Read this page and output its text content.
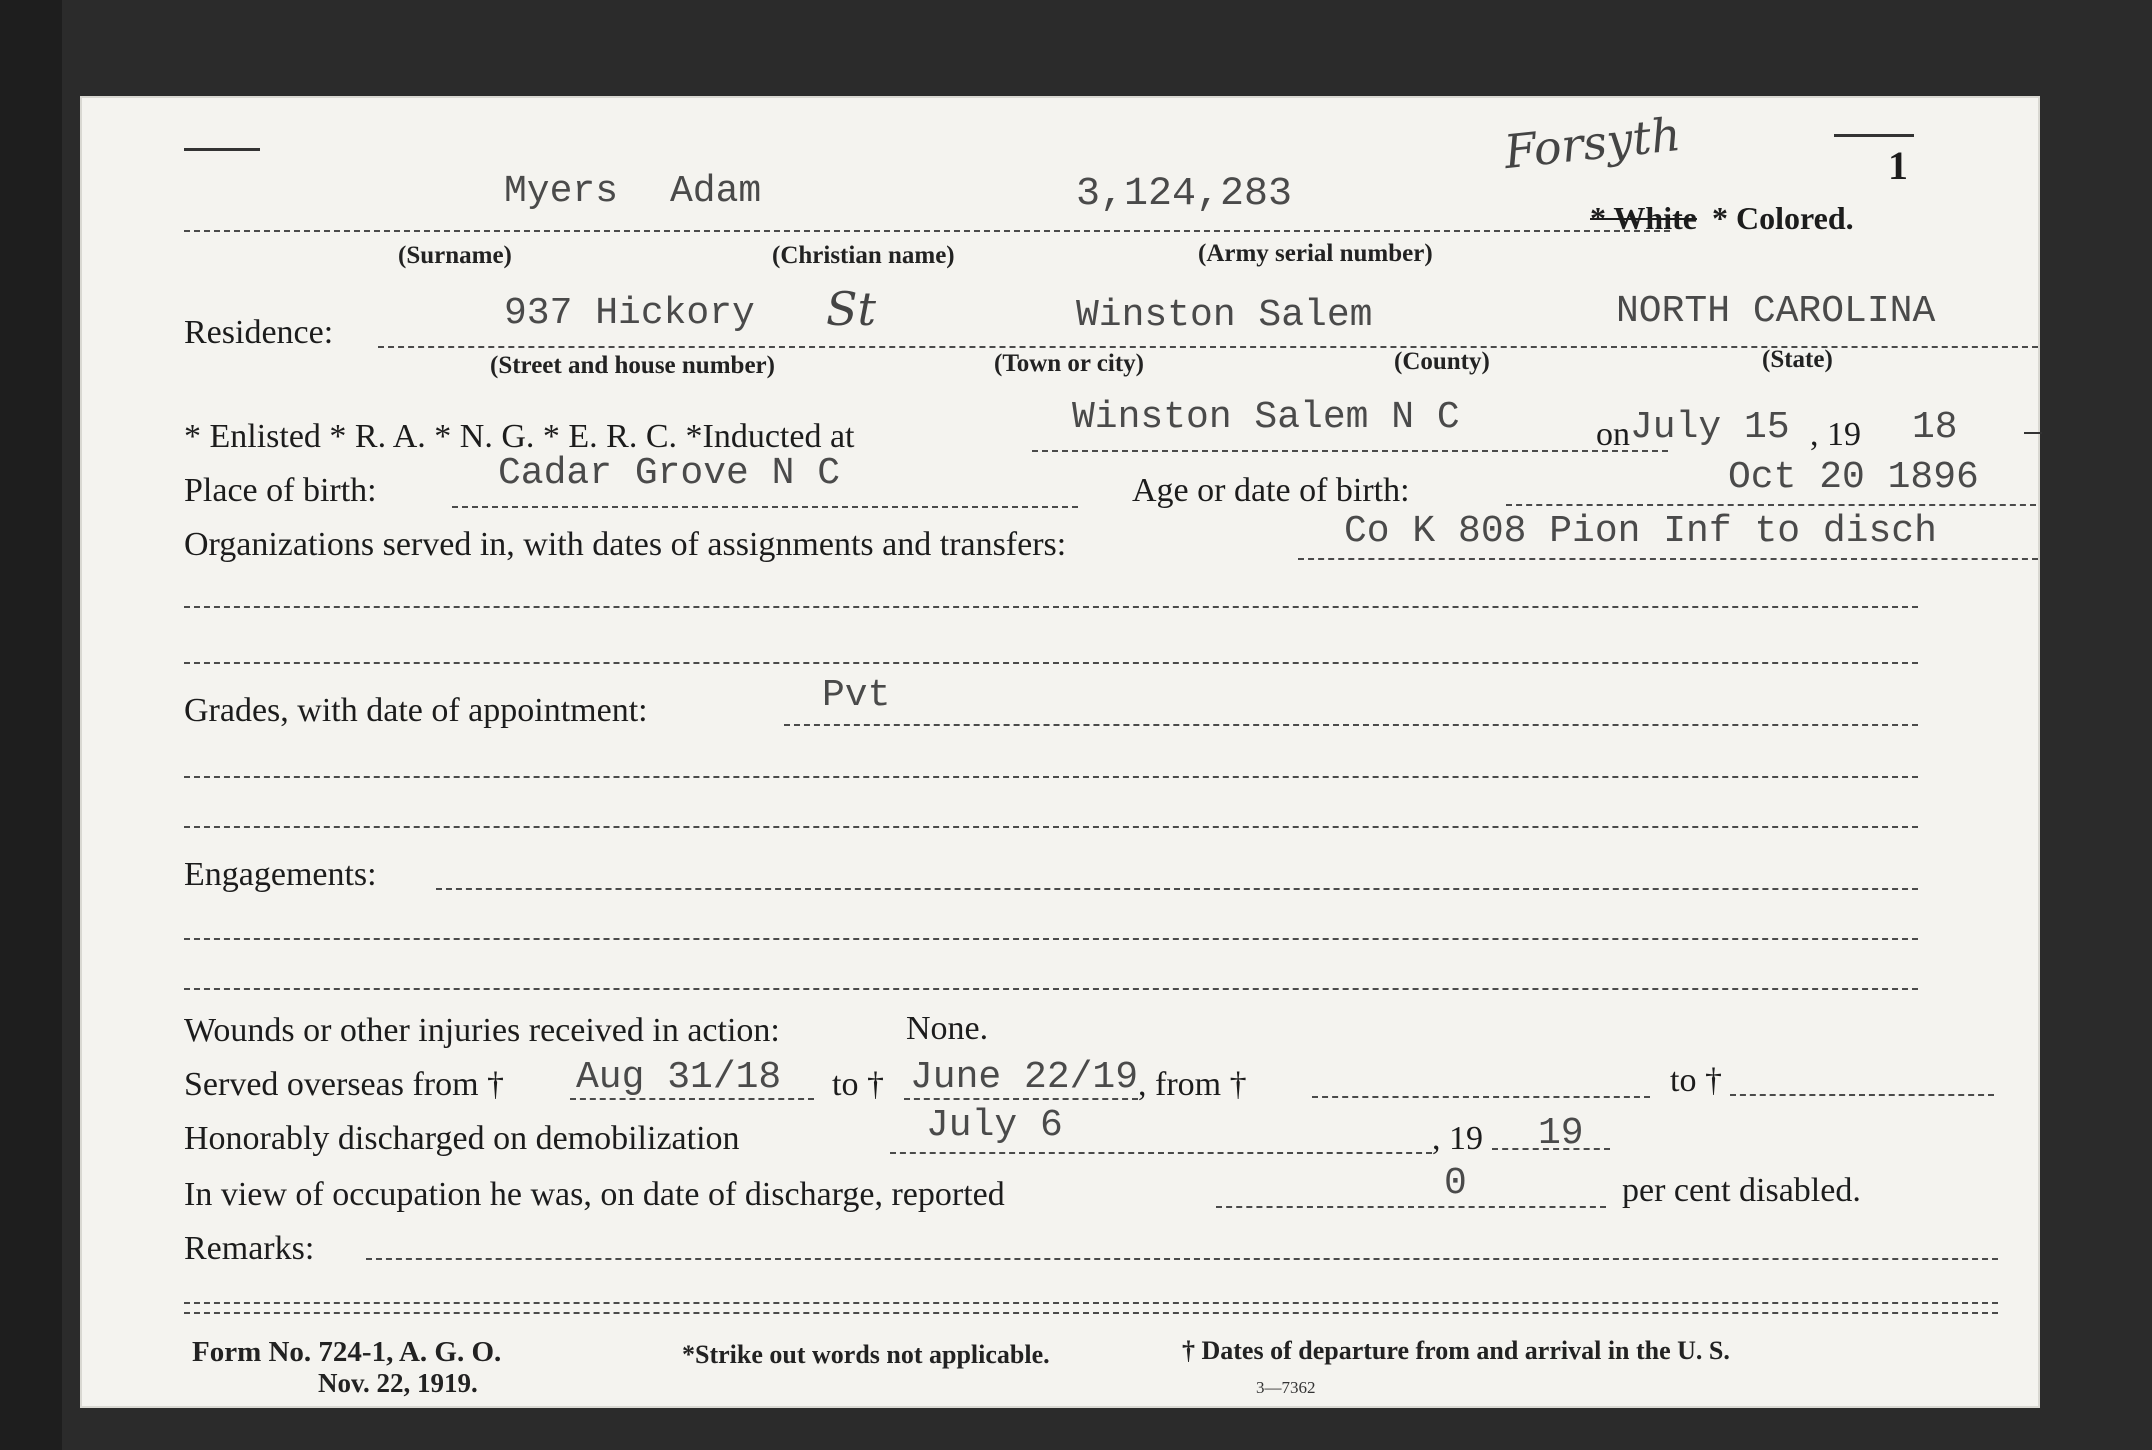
1
Myers Adam	3,124,283
Forsyth
* White * Colored.
(Surname)	(Christian name)	(Army serial number)
Residence:	937 Hickory St	Winston Salem	NORTH CAROLINA
(Street and house number)	(Town or city)	(County)	(State)
* Enlisted * R. A. * N. G. * E. R. C. *Inducted at	Winston Salem N C	on July 15 , 19 18
Place of birth:	Cadar Grove N C	Age or date of birth:	Oct 20 1896
Organizations served in, with dates of assignments and transfers:	Co K 808 Pion Inf to disch
Grades, with date of appointment:	Pvt
Engagements:
Wounds or other injuries received in action:	None.
Served overseas from † Aug 31/18 to † June 22/19 , from †	to †
Honorably discharged on demobilization	July 6	, 19 19
In view of occupation he was, on date of discharge, reported	0	per cent disabled.
Remarks:
Form No. 724-1, A. G. O.
Nov. 22, 1919.
*Strike out words not applicable.	† Dates of departure from and arrival in the U. S.
3—7362
